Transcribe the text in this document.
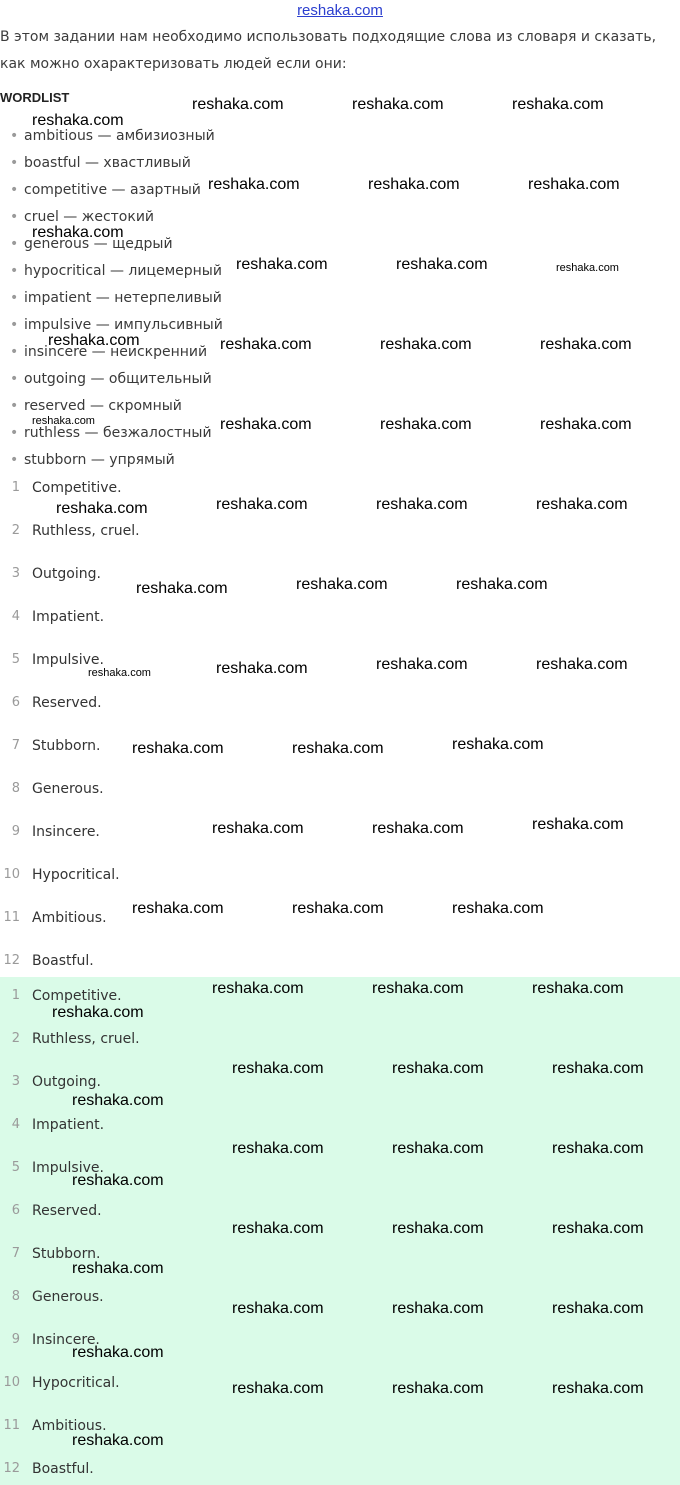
reshaka.com
В этом задании нам необходимо использовать подходящие слова из словаря и сказать, как можно охарактеризовать людей если они:
WORDLIST
• ambitious — амбизиозный
• boastful — хвастливый
• competitive — азартный
• cruel — жестокий
• generous — щедрый
• hypocritical — лицемерный
• impatient — нетерпеливый
• impulsive — импульсивный
• insincere — неискренний
• outgoing — общительный
• reserved — скромный
• ruthless — безжалостный
• stubborn — упрямый
1 Competitive.
2 Ruthless, cruel.
3 Outgoing.
4 Impatient.
5 Impulsive.
6 Reserved.
7 Stubborn.
8 Generous.
9 Insincere.
10 Hypocritical.
11 Ambitious.
12 Boastful.
1 Competitive.
2 Ruthless, cruel.
3 Outgoing.
4 Impatient.
5 Impulsive.
6 Reserved.
7 Stubborn.
8 Generous.
9 Insincere.
10 Hypocritical.
11 Ambitious.
12 Boastful.
reshaka.com	reshaka.com	reshaka.com
reshaka.com
reshaka.com	reshaka.com	reshaka.com
reshaka.com
reshaka.com	reshaka.com	reshaka.com
reshaka.com
reshaka.com
reshaka.com	reshaka.com	reshaka.com
reshaka.com	reshaka.com	reshaka.com
reshaka.com	reshaka.com	reshaka.com	reshaka.com
reshaka.com	reshaka.com	reshaka.com
reshaka.com	reshaka.com	reshaka.com	reshaka.com
reshaka.com	reshaka.com	reshaka.com
reshaka.com	reshaka.com	reshaka.com
reshaka.com	reshaka.com	reshaka.com
reshaka.com	reshaka.com	reshaka.com
reshaka.com
reshaka.com	reshaka.com	reshaka.com
reshaka.com
reshaka.com	reshaka.com	reshaka.com
reshaka.com
reshaka.com	reshaka.com	reshaka.com
reshaka.com
reshaka.com	reshaka.com	reshaka.com
reshaka.com
reshaka.com	reshaka.com	reshaka.com
reshaka.com
